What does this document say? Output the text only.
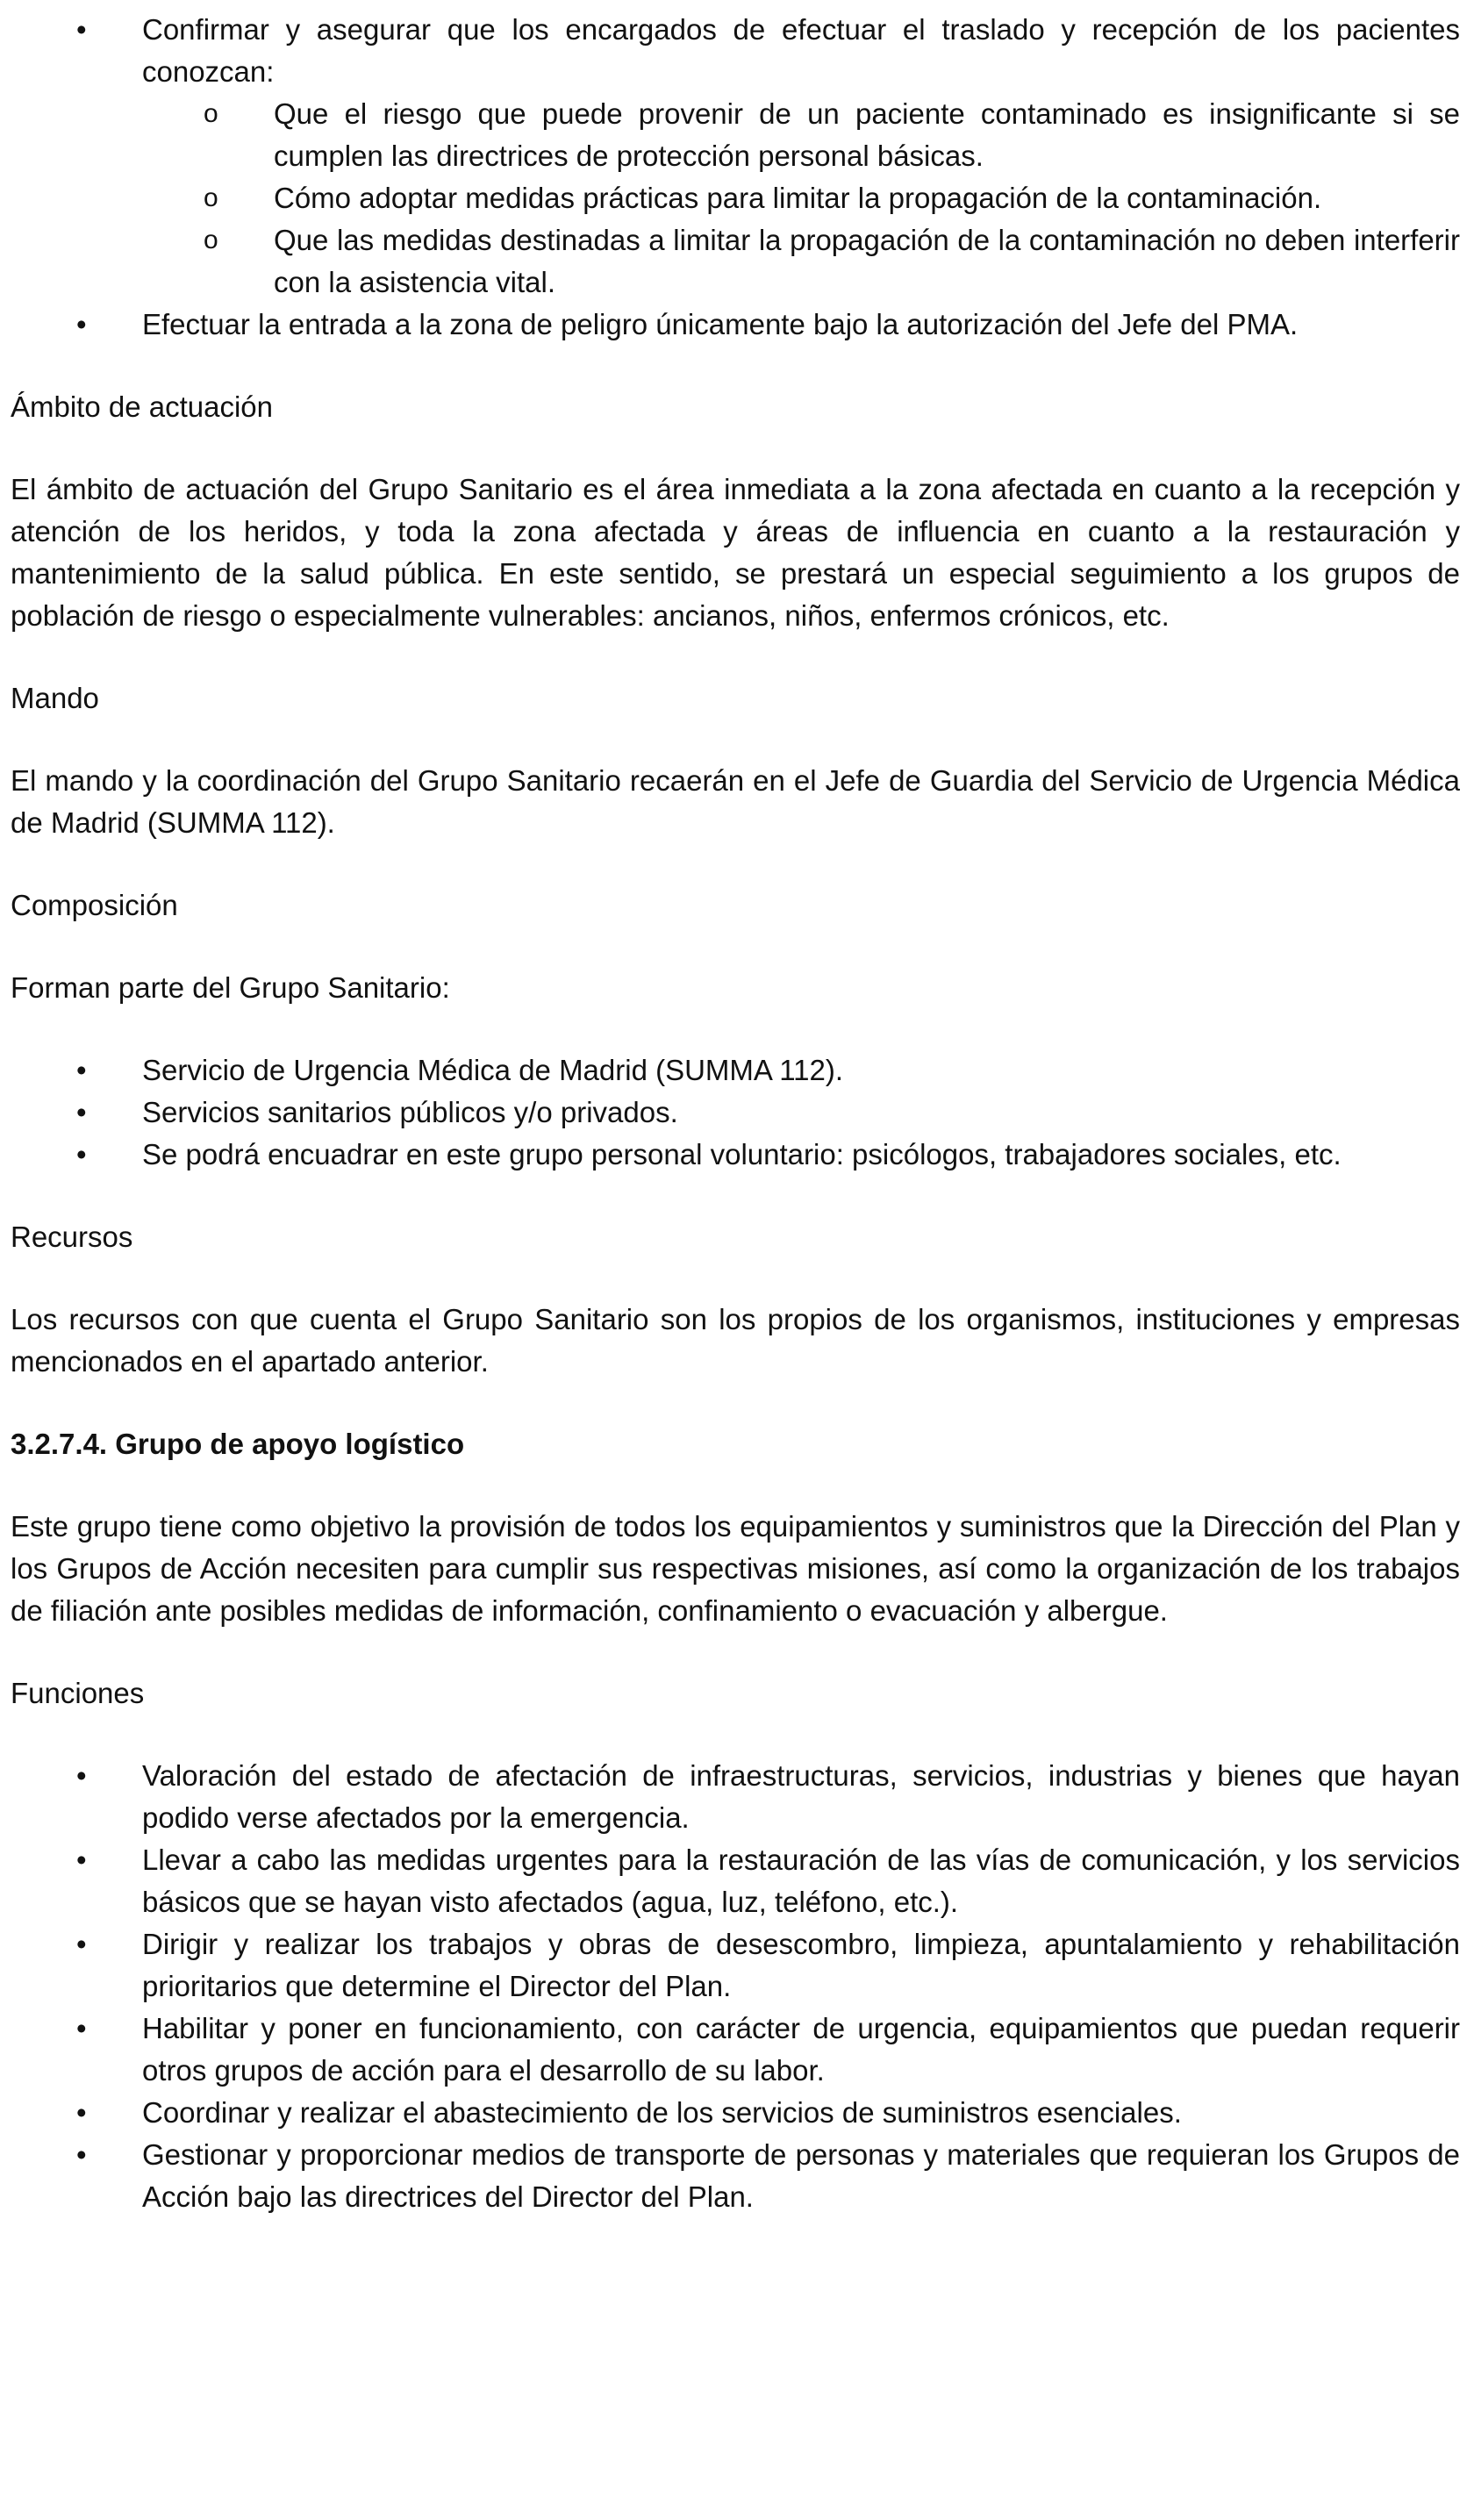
•	Confirmar y asegurar que los encargados de efectuar el traslado y recepción de los pacientes conozcan:
o	Que el riesgo que puede provenir de un paciente contaminado es insignificante si se cumplen las directrices de protección personal básicas.
o	Cómo adoptar medidas prácticas para limitar la propagación de la contaminación.
o	Que las medidas destinadas a limitar la propagación de la contaminación no deben interferir con la asistencia vital.
•	Efectuar la entrada a la zona de peligro únicamente bajo la autorización del Jefe del PMA.

Ámbito de actuación

El ámbito de actuación del Grupo Sanitario es el área inmediata a la zona afectada en cuanto a la recepción y atención de los heridos, y toda la zona afectada y áreas de influencia en cuanto a la restauración y mantenimiento de la salud pública. En este sentido, se prestará un especial seguimiento a los grupos de población de riesgo o especialmente vulnerables: ancianos, niños, enfermos crónicos, etc.

Mando

El mando y la coordinación del Grupo Sanitario recaerán en el Jefe de Guardia del Servicio de Urgencia Médica de Madrid (SUMMA 112).

Composición

Forman parte del Grupo Sanitario:

•	Servicio de Urgencia Médica de Madrid (SUMMA 112).
•	Servicios sanitarios públicos y/o privados.
•	Se podrá encuadrar en este grupo personal voluntario: psicólogos, trabajadores sociales, etc.

Recursos

Los recursos con que cuenta el Grupo Sanitario son los propios de los organismos, instituciones y empresas mencionados en el apartado anterior.

3.2.7.4. Grupo de apoyo logístico

Este grupo tiene como objetivo la provisión de todos los equipamientos y suministros que la Dirección del Plan y los Grupos de Acción necesiten para cumplir sus respectivas misiones, así como la organización de los trabajos de filiación ante posibles medidas de información, confinamiento o evacuación y albergue.

Funciones

•	Valoración del estado de afectación de infraestructuras, servicios, industrias y bienes que hayan podido verse afectados por la emergencia.
•	Llevar a cabo las medidas urgentes para la restauración de las vías de comunicación, y los servicios básicos que se hayan visto afectados (agua, luz, teléfono, etc.).
•	Dirigir y realizar los trabajos y obras de desescombro, limpieza, apuntalamiento y rehabilitación prioritarios que determine el Director del Plan.
•	Habilitar y poner en funcionamiento, con carácter de urgencia, equipamientos que puedan requerir otros grupos de acción para el desarrollo de su labor.
•	Coordinar y realizar el abastecimiento de los servicios de suministros esenciales.
•	Gestionar y proporcionar medios de transporte de personas y materiales que requieran los Grupos de Acción bajo las directrices del Director del Plan.
